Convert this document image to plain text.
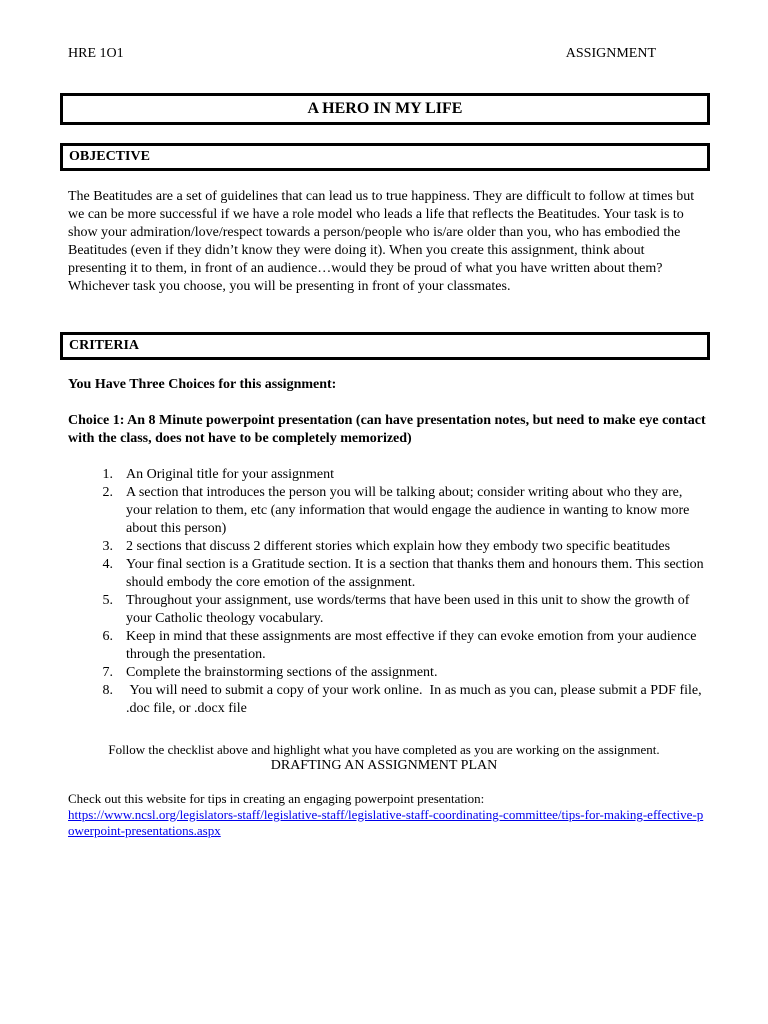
HRE 1O1	ASSIGNMENT
A HERO IN MY LIFE
OBJECTIVE
The Beatitudes are a set of guidelines that can lead us to true happiness. They are difficult to follow at times but we can be more successful if we have a role model who leads a life that reflects the Beatitudes. Your task is to show your admiration/love/respect towards a person/people who is/are older than you, who has embodied the Beatitudes (even if they didn’t know they were doing it). When you create this assignment, think about presenting it to them, in front of an audience…would they be proud of what you have written about them? Whichever task you choose, you will be presenting in front of your classmates.
CRITERIA
You Have Three Choices for this assignment:
Choice 1: An 8 Minute powerpoint presentation (can have presentation notes, but need to make eye contact with the class, does not have to be completely memorized)
1. An Original title for your assignment
2. A section that introduces the person you will be talking about; consider writing about who they are, your relation to them, etc (any information that would engage the audience in wanting to know more about this person)
3. 2 sections that discuss 2 different stories which explain how they embody two specific beatitudes
4. Your final section is a Gratitude section. It is a section that thanks them and honours them. This section should embody the core emotion of the assignment.
5. Throughout your assignment, use words/terms that have been used in this unit to show the growth of your Catholic theology vocabulary.
6. Keep in mind that these assignments are most effective if they can evoke emotion from your audience through the presentation.
7. Complete the brainstorming sections of the assignment.
8. You will need to submit a copy of your work online.  In as much as you can, please submit a PDF file, .doc file, or .docx file
Follow the checklist above and highlight what you have completed as you are working on the assignment.
DRAFTING AN ASSIGNMENT PLAN
Check out this website for tips in creating an engaging powerpoint presentation:
https://www.ncsl.org/legislators-staff/legislative-staff/legislative-staff-coordinating-committee/tips-for-making-effective-powerpoint-presentations.aspx
